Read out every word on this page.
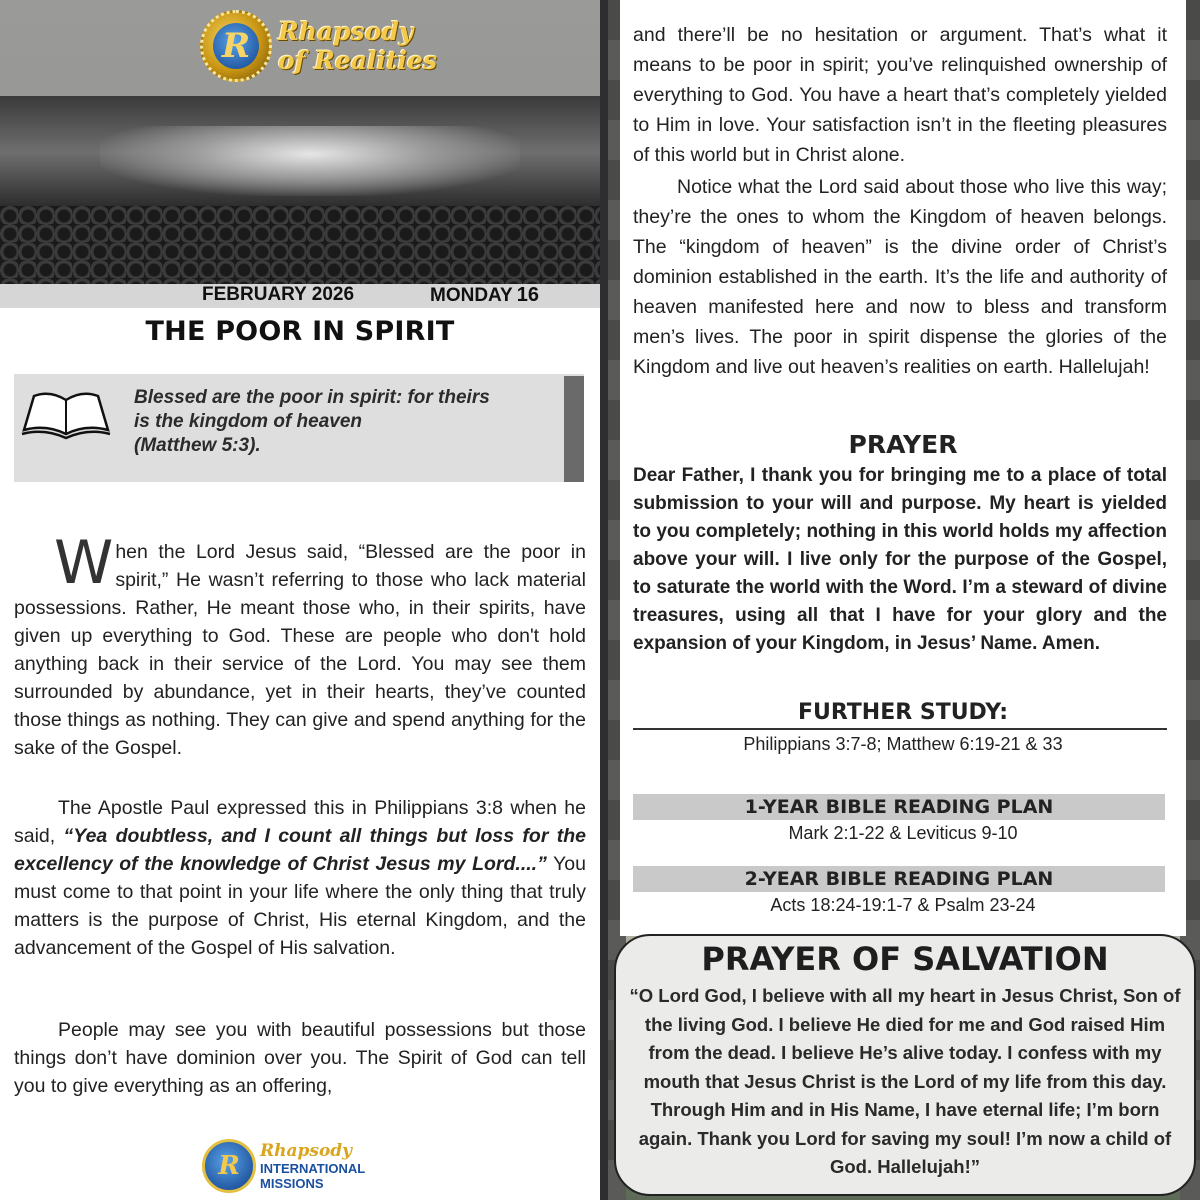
R	Rhapsody
of Realities
FEBRUARY 2026	MONDAY 16
THE POOR IN SPIRIT
Blessed are the poor in spirit: for theirs
is the kingdom of heaven
(Matthew 5:3).
When the Lord Jesus said, “Blessed are the poor in spirit,” He wasn’t referring to those who lack material possessions. Rather, He meant those who, in their spirits, have given up everything to God. These are people who don't hold anything back in their service of the Lord. You may see them surrounded by abundance, yet in their hearts, they’ve counted those things as nothing. They can give and spend anything for the sake of the Gospel.
The Apostle Paul expressed this in Philippians 3:8 when he said, “Yea doubtless, and I count all things but loss for the excellency of the knowledge of Christ Jesus my Lord....” You must come to that point in your life where the only thing that truly matters is the purpose of Christ, His eternal Kingdom, and the advancement of the Gospel of His salvation.
People may see you with beautiful possessions but those things don’t have dominion over you. The Spirit of God can tell you to give everything as an offering,
R	Rhapsody
INTERNATIONAL
MISSIONS
and there’ll be no hesitation or argument. That’s what it means to be poor in spirit; you’ve relinquished ownership of everything to God. You have a heart that’s completely yielded to Him in love. Your satisfaction isn’t in the fleeting pleasures of this world but in Christ alone.
Notice what the Lord said about those who live this way; they’re the ones to whom the Kingdom of heaven belongs. The “kingdom of heaven” is the divine order of Christ’s dominion established in the earth. It’s the life and authority of heaven manifested here and now to bless and transform men’s lives. The poor in spirit dispense the glories of the Kingdom and live out heaven’s realities on earth. Hallelujah!
PRAYER
Dear Father, I thank you for bringing me to a place of total submission to your will and purpose. My heart is yielded to you completely; nothing in this world holds my affection above your will. I live only for the purpose of the Gospel, to saturate the world with the Word. I’m a steward of divine treasures, using all that I have for your glory and the expansion of your Kingdom, in Jesus’ Name. Amen.
FURTHER STUDY:
Philippians 3:7-8; Matthew 6:19-21 & 33
1-YEAR BIBLE READING PLAN
Mark 2:1-22 & Leviticus 9-10
2-YEAR BIBLE READING PLAN
Acts 18:24-19:1-7 & Psalm 23-24
PRAYER OF SALVATION
“O Lord God, I believe with all my heart in Jesus Christ, Son of the living God. I believe He died for me and God raised Him from the dead. I believe He’s alive today. I confess with my mouth that Jesus Christ is the Lord of my life from this day. Through Him and in His Name, I have eternal life; I’m born again. Thank you Lord for saving my soul! I’m now a child of God. Hallelujah!”
